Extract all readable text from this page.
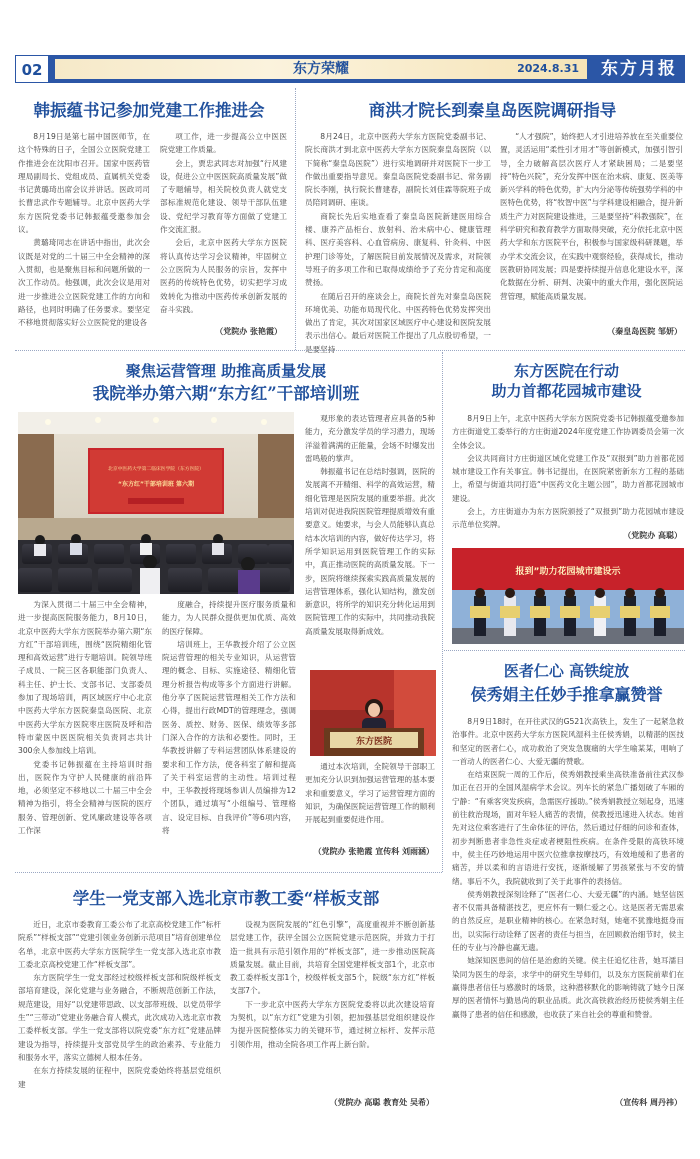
02	东方荣耀	2024.8.31 东方月报
韩振蕴书记参加党建工作推进会

8月19日是第七届中国医师节，在这个特殊的日子，全国公立医院党建工作推进会在沈阳市召开。国家中医药管理局副局长、党组成员、直属机关党委书记黄璐琦出席会议并讲话。医政司司长曹忠武作专题辅导。北京中医药大学东方医院党委书记韩振蕴受邀参加会议。

黄璐琦同志在讲话中指出，此次会议既是对党的二十届三中全会精神的深入贯彻，也是聚焦目标和问题所做的一次工作动员。他强调，此次会议是用对进一步推进公立医院党建工作的方向和路径，也同时明确了任务要求。要坚定不移地贯彻落实好公立医院党的建设各

项工作，进一步提高公立中医医院党建工作质量。

会上，贾忠武同志对加强“行风建设，促进公立中医医院高质量发展”做了专题辅导，相关院校负责人就党支部标准规范化建设、领导干部队伍建设、党纪学习教育等方面做了党建工作交流汇报。

会后，北京中医药大学东方医院将认真传达学习会议精神，牢固树立公立医院为人民服务的宗旨，发挥中医药的传统特色优势，切实把学习成效转化为推动中医药传承创新发展的奋斗实践。

（党院办 张艳霞）
商洪才院长到秦皇岛医院调研指导

8月24日，北京中医药大学东方医院党委副书记、院长商洪才到北京中医药大学东方医院秦皇岛医院（以下简称“秦皇岛医院”）进行实地调研并对医院下一步工作做出重要指导意见。秦皇岛医院党委副书记、常务副院长李刚，执行院长曹建春，副院长刘佳霖等院班子成员陪同调研、座谈。

商院长先后实地查看了秦皇岛医院新建医用综合楼、康养产品柜台、放射科、治未病中心、健康管理科、医疗美容科、心血管病房、康复科、针灸科、中医护理门诊等处，了解医院目前发展情况及需求，对院领导班子的多项工作和已取得成绩给予了充分肯定和高度赞扬。

在随后召开的座谈会上，商院长首先对秦皇岛医院环境优美、功能布局现代化、中医药特色优势发挥突出做出了肯定，其次对国家区域医疗中心建设和医院发展表示出信心。最后对医院工作提出了几点殷切希望，一是要坚持

“人才强院”，始终把人才引进培养放在至关重要位置，灵活运用“柔性引才用才”等创新模式，加强引智引导，全力破解高层次医疗人才紧缺困局；二是要坚持“特色兴院”，充分发挥中医在治未病、康复、医美等新兴学科的特色优势，扩大内分泌等传统强势学科的中医特色优势，将“牧智中医”与学科建设相融合，提升新质生产力对医院建设推进，三是要坚持“科教强院”，在科学研究和教育教学方面取得突破，充分依托北京中医药大学和东方医院平台，积极参与国家级科研课题，举办学术交流会议，在实践中观察经验，获得成长，推动医教研协同发展；四是要持续提升信息化建设水平，深化数据在分析、研判、决策中的重大作用，强化医院运营管理，赋能高质量发展。

（秦皇岛医院 邹妍）
聚焦运营管理 助推高质量发展
我院举办第六期“东方红”干部培训班
北京中医药大学第二临床医学院（东方医院）
“东方红”干部培训班 第六期

为深入贯彻二十届三中全会精神，进一步提高医院服务能力，8月10日，北京中医药大学东方医院举办第六期“东方红”干部培训班，围绕“医院精细化管理和高效运营”进行专题培训。院领导班子成员、一院三区各职能部门负责人、科主任、护士长、支部书记、支部委员参加了现场培训，两区域医疗中心北京中医药大学东方医院秦皇岛医院、北京中医药大学东方医院枣庄医院及呼和浩特市蒙医中医医院相关负责同志共计300余人参加线上培训。

党委书记韩振蕴在主持培训时指出，医院作为守护人民健康的前沿阵地，必须坚定不移地以二十届三中全会精神为指引，将全会精神与医院的医疗服务、管理创新、党风廉政建设等各项工作深

度融合，持续提升医疗服务质量和能力，为人民群众提供更加优质、高效的医疗保障。

培训班上，王华教授介绍了公立医院运营管理的相关专业知识，从运营管理的概念、目标、实施途径、精细化管理分析报告构成等多个方面进行讲解。他分享了医院运营管理相关工作方法和心得，提出行政MDT的管理理念，强调医务、质控、财务、医保、绩效等多部门深入合作的方法和必要性。同时，王华教授讲解了专科运营团队体系建设的要求和工作方法，使各科室了解和提高了关于科室运营的主动性。培训过程中，王华教授将现场参训人员编排为12个团队，通过填写“小组编号、管理格言、设定目标、自我评价”等6项内容，将

观形象的表达管理者应具备的5种能力，充分激发学员的学习潜力，现场洋溢着满满的正能量，会场不时爆发出雷鸣般的掌声。

韩振蕴书记在总结时强调，医院的发展离不开精细、科学的高效运营，精细化管理是医院发展的重要举措。此次培训对促进我院医院管理提质增效有重要意义。她要求，与会人员能够认真总结本次培训的内容，做好传达学习，将所学知识运用到医院管理工作的实际中，真正推动医院的高质量发展。下一步，医院将继续探索实践高质量发展的运营管理体系，强化认知结构，激发创新意识，将所学的知识充分转化运用到医院管理工作的实际中，共同推动我院高质量发展取得新成效。

东方医院

通过本次培训，全院领导干部职工更加充分认识到加强运营管理的基本要求和重要意义，学习了运营管理方面的知识，为确保医院运营管理工作的顺利开展起到重要促进作用。

（党院办 张艳霞 宣传科 刘雨涵）
东方医院在行动
助力首都花园城市建设

8月9日上午，北京中医药大学东方医院党委书记韩振蕴受邀参加方庄街道党工委举行的方庄街道2024年度党建工作协调委员会第一次全体会议。

会议共同商讨方庄街道区域化党建工作及“双报到”助力首都花园城市建设工作有关事宜。韩书记提出，在医院紧密新东方工程的基础上，希望与街道共同打造“中医药文化主题公园”，助力首都花园城市建设。

会上，方庄街道办为东方医院颁授了“双报到”助力花园城市建设示范单位奖牌。

（党院办 高聪）
报到”助力花园城市建设示
医者仁心 高铁绽放
侯秀娟主任妙手推拿赢赞誉

8月9日18时，在开往武汉的G521次高铁上，发生了一起紧急救治事件。北京中医药大学东方医院风湿科主任侯秀娟，以精湛的医技和坚定的医者仁心，成功救治了突发急腹痛的大学生喻某某，唱响了一首动人的医者仁心、大爱无疆的赞歌。

在结束医院一周的工作后，侯秀娟教授乘坐高铁准备前往武汉参加正在召开的全国风湿病学术会议。列车长的紧急广播划破了车厢的宁静：“有乘客突发疾病，急需医疗援助。”侯秀娟教授立刻起身，迅速前往救治现场，面对年轻人痛苦的表情，侯教授迅速进入状态。她首先对这位乘客进行了生命体征的评估，然后通过仔细的问诊和查体，初步判断患者非急性炎症或者梗阻性疾病。在条件受限的高铁环境中，侯主任巧妙地运用中医穴位推拿按摩技巧，有效地缓和了患者的痛苦，并以柔和的言语进行安抚，逐渐缓解了男孩紧张与不安的情绪。事后不久，我院就收到了关于此事件的表扬信。

侯秀娟教授深刻诠释了“医者仁心、大爱无疆”的内涵。她坚信医者不仅需具备精湛技艺，更应怀有一颗仁爱之心。这是医者无需思索的自然反应，是职业精神的核心。在紧急时刻，她毫不犹豫地挺身而出，以实际行动诠释了医者的责任与担当，在回顾救治细节时，侯主任的专业与冷静也赢无遗。

她深知医患间的信任是治愈的关键。侯主任追忆往昔，她耳濡目染同为医生的母亲，求学中的研究生导师们，以及东方医院前辈们在赢得患者信任与感激时的场景，这种潜移默化的影响铸就了她今日深厚的医者情怀与勤恳尚的职业品质。此次高铁救治经历使侯秀娟主任赢得了患者的信任和感激，也收获了来自社会的尊重和赞誉。

（宣传科 周丹祎）
学生一党支部入选北京市教工委“样板支部

近日，北京市委教育工委公布了北京高校党建工作“标杆院系”“样板支部”“党建引领业务创新示范项目”培育创建单位名单，北京中医药大学东方医院学生一党支部入选北京市教工委北京高校党建工作“样板支部”。

东方医院学生一党支部经过校级样板支部和院级样板支部培育建设，深化党建与业务融合，不断规范创新工作法，规范建设，用好“以党建带思政、以支部带班级、以党员带学生”“三带动”党建业务融合育人模式，此次成功入选北京市教工委样板支部。学生一党支部将以院党委“东方红”党建品牌建设为指导，持续提升支部党员学生的政治素养、专业能力和服务水平，落实立德树人根本任务。

在东方持续发展的征程中，医院党委始终将基层党组织建

设视为医院发展的“红色引擎”，高度重视并不断创新基层党建工作，获评全国公立医院党建示范医院，并致力于打造一批具有示范引领作用的“样板支部”，进一步推动医院高质量发展。截止目前，共培育全国党建样板支部1个，北京市教工委样板支部1个，校级样板支部5个，院级“东方红”样板支部7个。

下一步北京中医药大学东方医院党委将以此次建设培育为契机，以“东方红”党建为引领，把加强基层党组织建设作为提升医院整体实力的关键环节，通过树立标杆、发挥示范引领作用，推动全院各项工作再上新台阶。

（党院办 高聪 教育处 吴希）
